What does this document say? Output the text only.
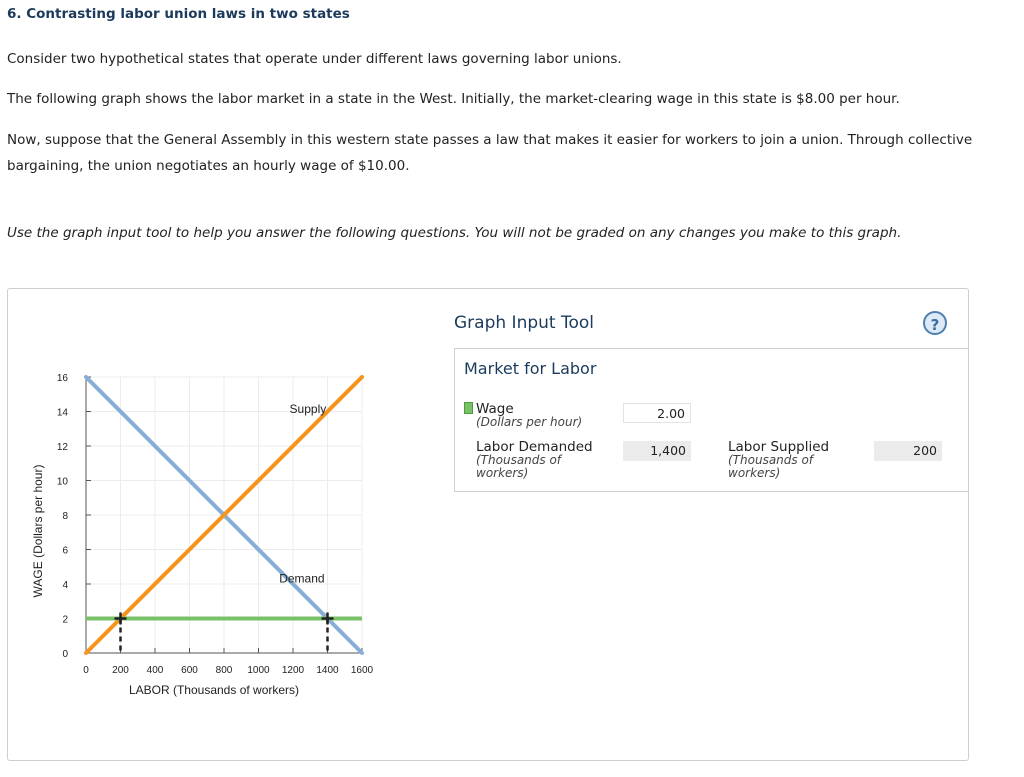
6. Contrasting labor union laws in two states
Consider two hypothetical states that operate under different laws governing labor unions.
The following graph shows the labor market in a state in the West. Initially, the market-clearing wage in this state is $8.00 per hour.
Now, suppose that the General Assembly in this western state passes a law that makes it easier for workers to join a union. Through collective bargaining, the union negotiates an hourly wage of $10.00.
Use the graph input tool to help you answer the following questions. You will not be graded on any changes you make to this graph.
0
2
4
6
8
10
12
14
16
0 200 400 600 800 1000 1200 1400 1600
LABOR (Thousands of workers)
WAGE (Dollars per hour)
Supply
Demand
Graph Input Tool	?
Market for Labor
Wage
(Dollars per hour)
2.00
Labor Demanded
(Thousands of workers)
1,400	Labor Supplied
(Thousands of workers)
200
